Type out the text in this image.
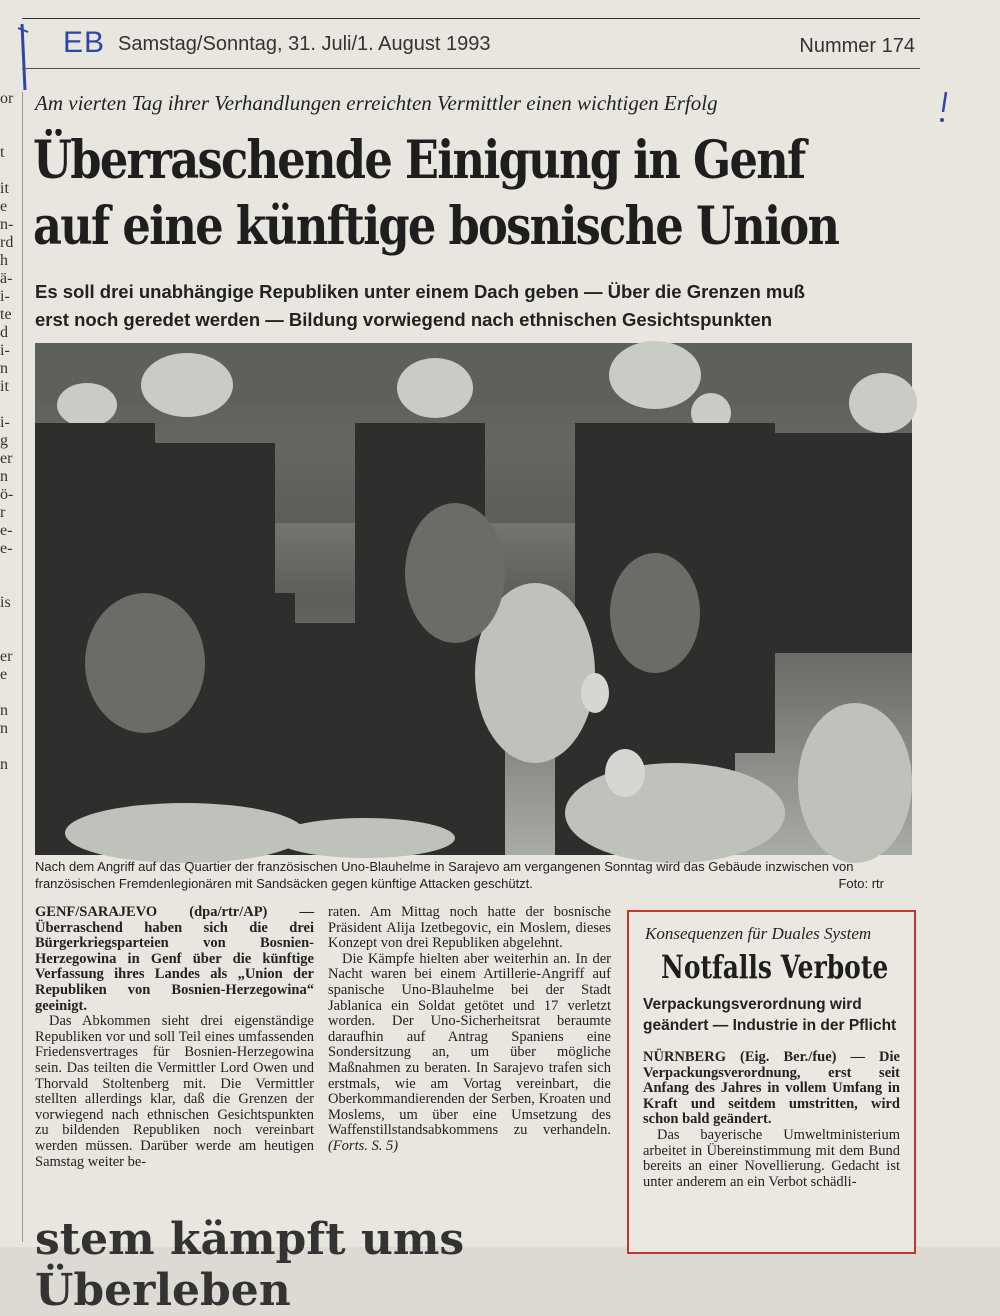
EB Samstag/Sonntag, 31. Juli/1. August 1993	Nummer 174
or
t
it
e
n-
rd
h
ä-
i-
te
d
i-
n
it
i-
g
er
n
ö-
r
e-
e-
is
er
e
n
n
n
Am vierten Tag ihrer Verhandlungen erreichten Vermittler einen wichtigen Erfolg
Überraschende Einigung in Genf
auf eine künftige bosnische Union
Es soll drei unabhängige Republiken unter einem Dach geben — Über die Grenzen muß
erst noch geredet werden — Bildung vorwiegend nach ethnischen Gesichtspunkten
Nach dem Angriff auf das Quartier der französischen Uno-Blauhelme in Sarajevo am vergangenen Sonntag wird das Gebäude inzwischen von französischen Fremdenlegionären mit Sandsäcken gegen künftige Attacken geschützt.	Foto: rtr

GENF/SARAJEVO (dpa/rtr/AP) — Überraschend haben sich die drei Bürgerkriegsparteien von Bosnien-Herzegowina in Genf über die künftige Verfassung ihres Landes als „Union der Republiken von Bosnien-Herzegowina“ geeinigt.

Das Abkommen sieht drei eigenständige Republiken vor und soll Teil eines umfassenden Friedensvertrages für Bosnien-Herzegowina sein. Das teilten die Vermittler Lord Owen und Thorvald Stoltenberg mit. Die Vermittler stellten allerdings klar, daß die Grenzen der vorwiegend nach ethnischen Gesichtspunkten zu bildenden Republiken noch vereinbart werden müssen. Darüber werde am heutigen Samstag weiter be-

raten. Am Mittag noch hatte der bosnische Präsident Alija Izetbegovic, ein Moslem, dieses Konzept von drei Republiken abgelehnt.

Die Kämpfe hielten aber weiterhin an. In der Nacht waren bei einem Artillerie-Angriff auf spanische Uno-Blauhelme bei der Stadt Jablanica ein Soldat getötet und 17 verletzt worden. Der Uno-Sicherheitsrat beraumte daraufhin auf Antrag Spaniens eine Sondersitzung an, um über mögliche Maßnahmen zu beraten. In Sarajevo trafen sich erstmals, wie am Vortag vereinbart, die Oberkommandierenden der Serben, Kroaten und Moslems, um über eine Umsetzung des Waffenstillstandsabkommens zu verhandeln. (Forts. S. 5)

Konsequenzen für Duales System
Notfalls Verbote
Verpackungsverordnung wird geändert — Industrie in der Pflicht

NÜRNBERG (Eig. Ber./fue) — Die Verpackungsverordnung, erst seit Anfang des Jahres in vollem Umfang in Kraft und seitdem umstritten, wird schon bald geändert.

Das bayerische Umweltministerium arbeitet in Übereinstimmung mit dem Bund bereits an einer Novellierung. Gedacht ist unter anderem an ein Verbot schädli-

stem kämpft ums Überleben
